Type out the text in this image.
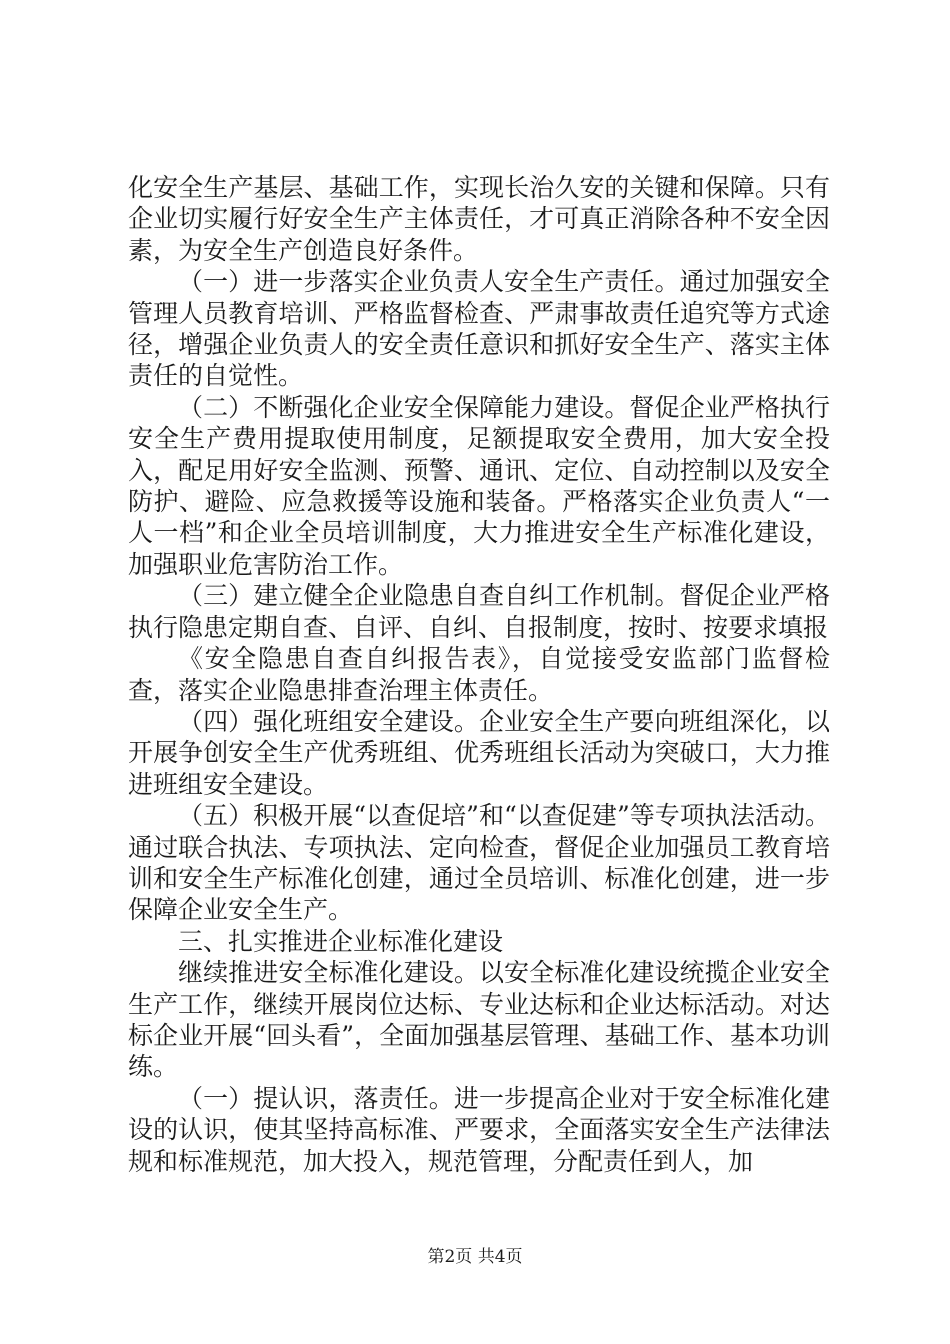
化安全生产基层、基础工作，实现长治久安的关键和保障。只有企业切实履行好安全生产主体责任，才可真正消除各种不安全因素，为安全生产创造良好条件。

（一）进一步落实企业负责人安全生产责任。通过加强安全管理人员教育培训、严格监督检查、严肃事故责任追究等方式途径，增强企业负责人的安全责任意识和抓好安全生产、落实主体责任的自觉性。

（二）不断强化企业安全保障能力建设。督促企业严格执行安全生产费用提取使用制度，足额提取安全费用，加大安全投入，配足用好安全监测、预警、通讯、定位、自动控制以及安全防护、避险、应急救援等设施和装备。严格落实企业负责人“一人一档”和企业全员培训制度，大力推进安全生产标准化建设，加强职业危害防治工作。

（三）建立健全企业隐患自查自纠工作机制。督促企业严格执行隐患定期自查、自评、自纠、自报制度，按时、按要求填报

《安全隐患自查自纠报告表》，自觉接受安监部门监督检查，落实企业隐患排查治理主体责任。

（四）强化班组安全建设。企业安全生产要向班组深化，以开展争创安全生产优秀班组、优秀班组长活动为突破口，大力推进班组安全建设。

（五）积极开展“以查促培”和“以查促建”等专项执法活动。通过联合执法、专项执法、定向检查，督促企业加强员工教育培训和安全生产标准化创建，通过全员培训、标准化创建，进一步保障企业安全生产。

三、扎实推进企业标准化建设

继续推进安全标准化建设。以安全标准化建设统揽企业安全生产工作，继续开展岗位达标、专业达标和企业达标活动。对达标企业开展“回头看”，全面加强基层管理、基础工作、基本功训练。

（一）提认识，落责任。进一步提高企业对于安全标准化建设的认识，使其坚持高标准、严要求，全面落实安全生产法律法规和标准规范，加大投入，规范管理，分配责任到人，加

第2页 共4页
